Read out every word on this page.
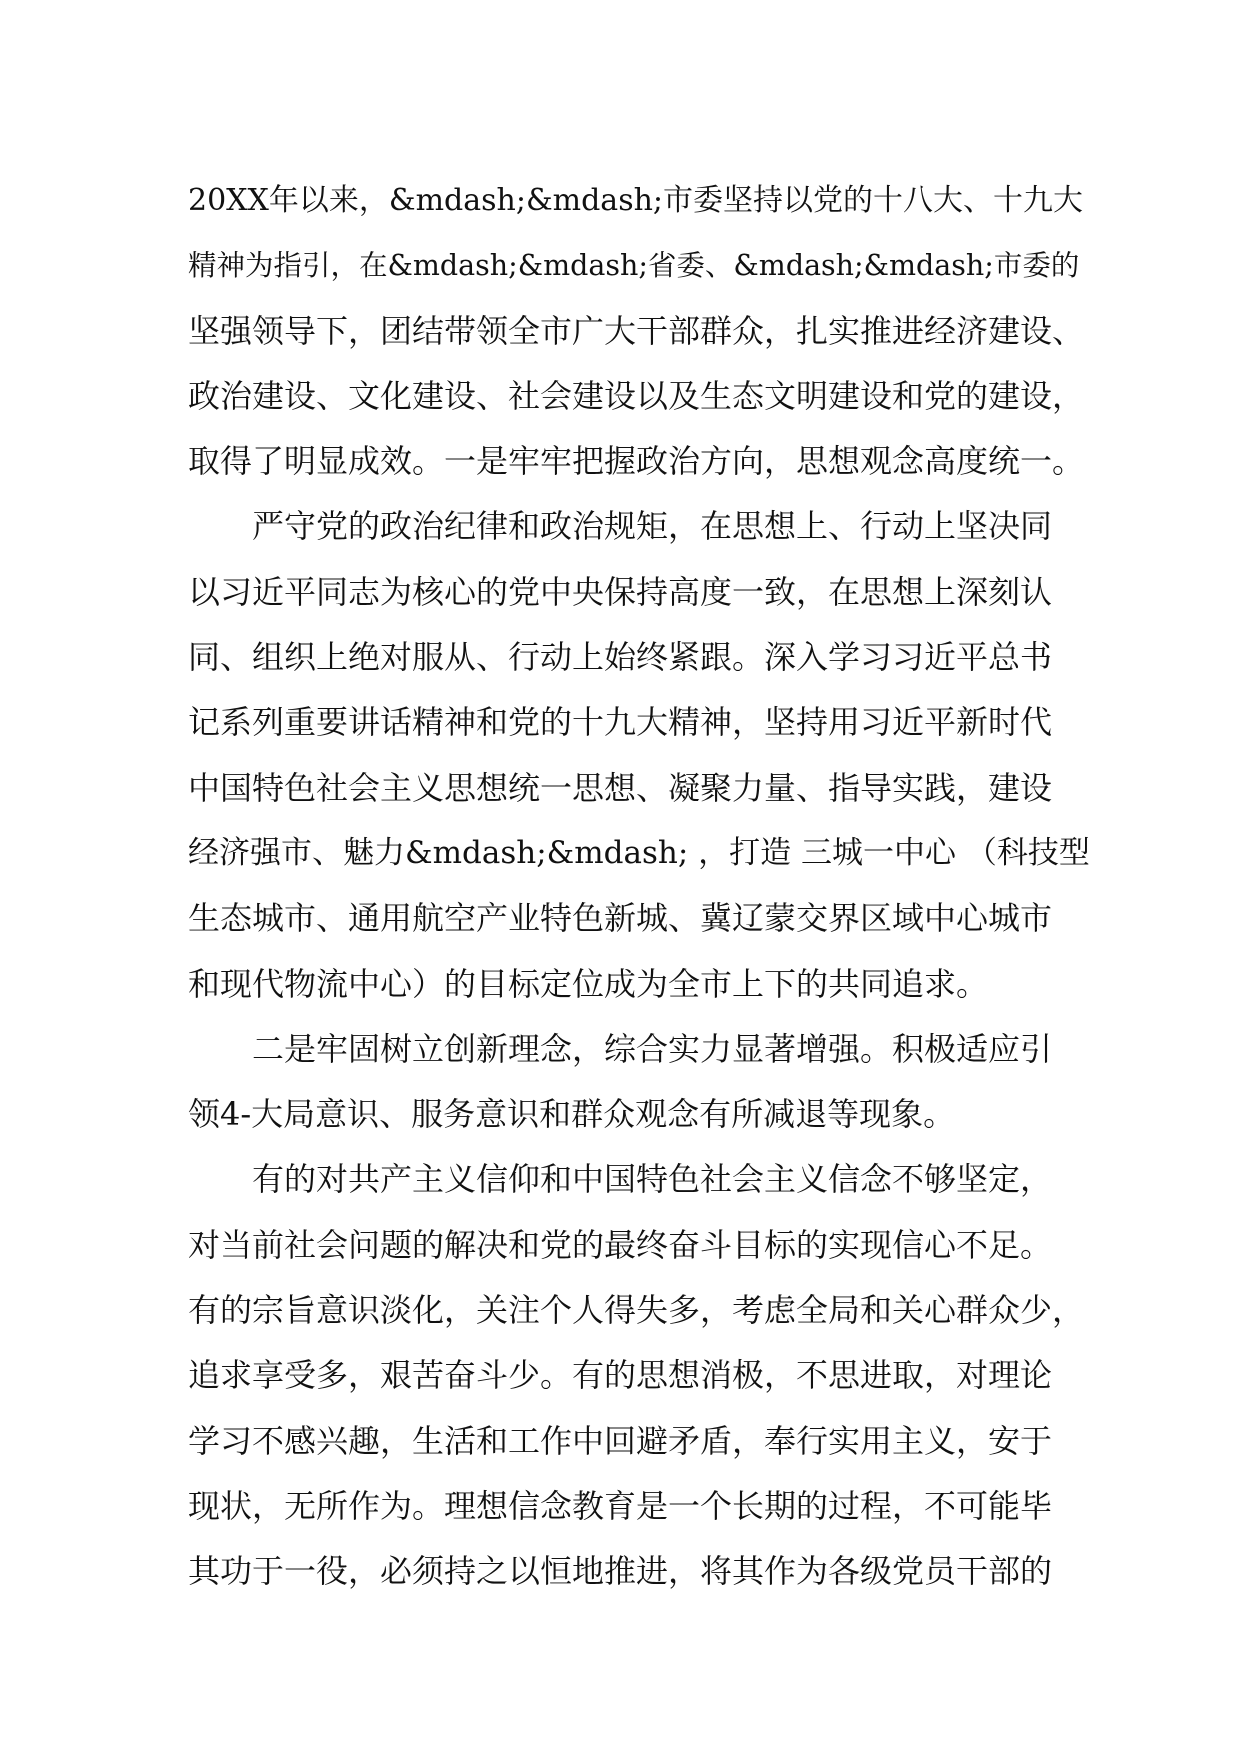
20XX年以来，&mdash;&mdash;市委坚持以党的十八大、十九大
精神为指引，在&mdash;&mdash;省委、&mdash;&mdash;市委的
坚强领导下，团结带领全市广大干部群众，扎实推进经济建设、
政治建设、文化建设、社会建设以及生态文明建设和党的建设，
取得了明显成效。一是牢牢把握政治方向，思想观念高度统一。
严守党的政治纪律和政治规矩，在思想上、行动上坚决同
以习近平同志为核心的党中央保持高度一致，在思想上深刻认
同、组织上绝对服从、行动上始终紧跟。深入学习习近平总书
记系列重要讲话精神和党的十九大精神，坚持用习近平新时代
中国特色社会主义思想统一思想、凝聚力量、指导实践，建设
经济强市、魅力&mdash;&mdash; ，打造 三城一中心 （科技型
生态城市、通用航空产业特色新城、冀辽蒙交界区域中心城市
和现代物流中心）的目标定位成为全市上下的共同追求。
二是牢固树立创新理念，综合实力显著增强。积极适应引
领4-大局意识、服务意识和群众观念有所减退等现象。
有的对共产主义信仰和中国特色社会主义信念不够坚定，
对当前社会问题的解决和党的最终奋斗目标的实现信心不足。
有的宗旨意识淡化，关注个人得失多，考虑全局和关心群众少，
追求享受多，艰苦奋斗少。有的思想消极，不思进取，对理论
学习不感兴趣，生活和工作中回避矛盾，奉行实用主义，安于
现状，无所作为。理想信念教育是一个长期的过程，不可能毕
其功于一役，必须持之以恒地推进，将其作为各级党员干部的
